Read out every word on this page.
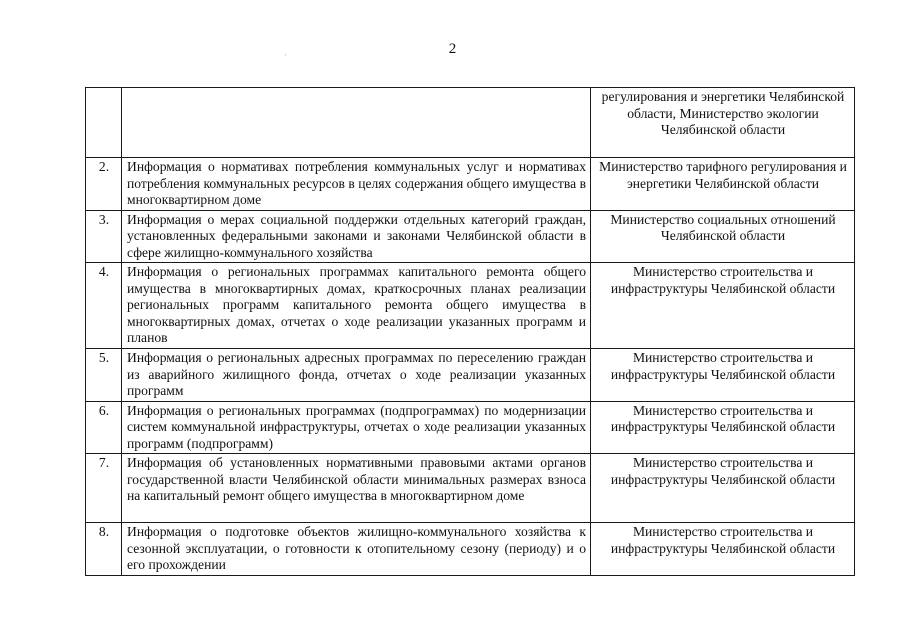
2
·
		регулирования и энергетики Челябинской области, Министерство экологии Челябинской области
2.	Информация о нормативах потребления коммунальных услуг и нормативах потребления коммунальных ресурсов в целях содержания общего имущества в многоквартирном доме	Министерство тарифного регулирования и энергетики Челябинской области
3.	Информация о мерах социальной поддержки отдельных категорий граждан, установленных федеральными законами и законами Челябинской области в сфере жилищно-коммунального хозяйства	Министерство социальных отношений Челябинской области
4.	Информация о региональных программах капитального ремонта общего имущества в многоквартирных домах, краткосрочных планах реализации региональных программ капитального ремонта общего имущества в многоквартирных домах, отчетах о ходе реализации указанных программ и планов	Министерство строительства и инфраструктуры Челябинской области
5.	Информация о региональных адресных программах по переселению граждан из аварийного жилищного фонда, отчетах о ходе реализации указанных программ	Министерство строительства и инфраструктуры Челябинской области
6.	Информация о региональных программах (подпрограммах) по модернизации систем коммунальной инфраструктуры, отчетах о ходе реализации указанных программ (подпрограмм)	Министерство строительства и инфраструктуры Челябинской области
7.	Информация об установленных нормативными правовыми актами органов государственной власти Челябинской области минимальных размерах взноса на капитальный ремонт общего имущества в многоквартирном доме	Министерство строительства и инфраструктуры Челябинской области
8.	Информация о подготовке объектов жилищно-коммунального хозяйства к сезонной эксплуатации, о готовности к отопительному сезону (периоду) и о его прохождении	Министерство строительства и инфраструктуры Челябинской области
